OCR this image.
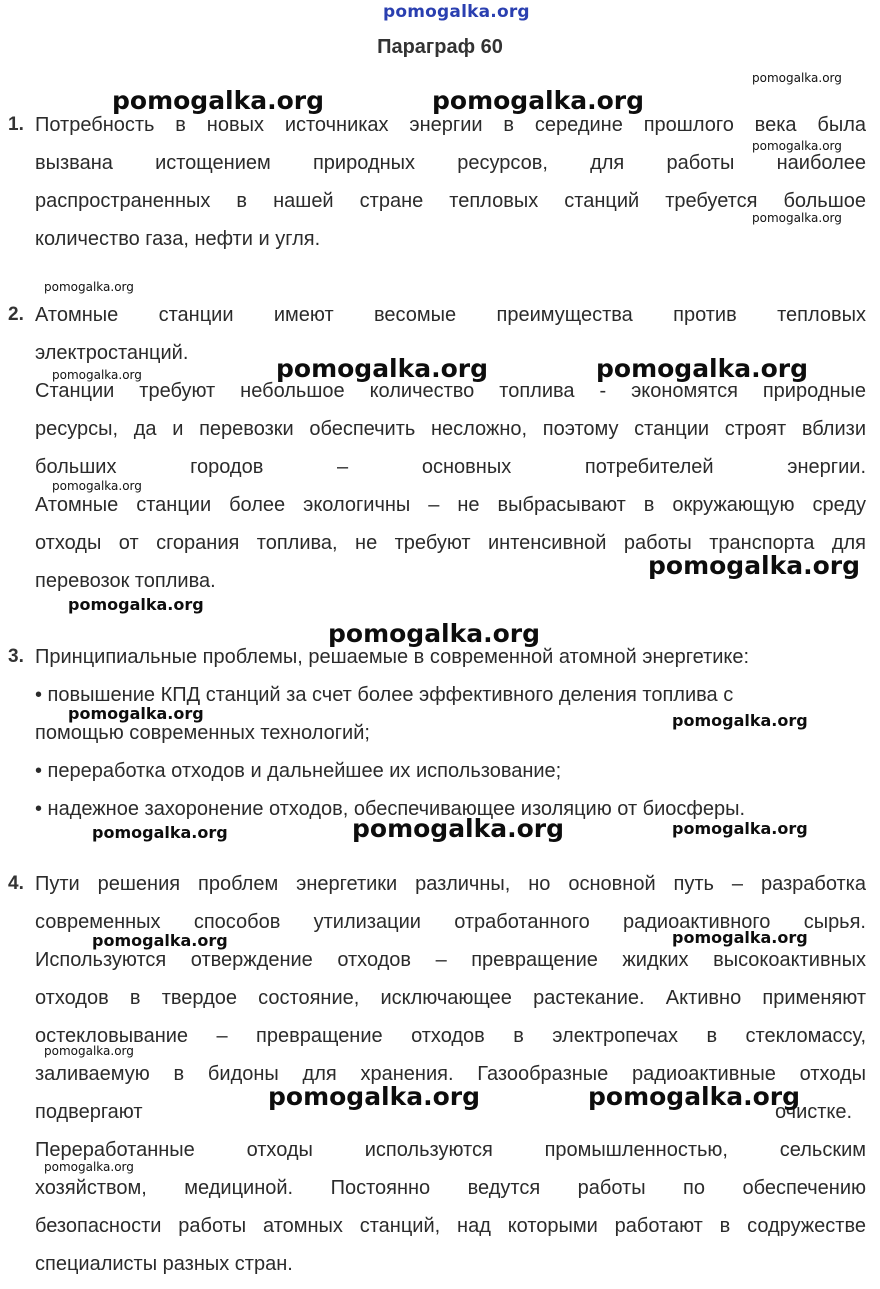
pomogalka.org
Параграф 60
1. Потребность в новых источниках энергии в середине прошлого века была
вызвана истощением природных ресурсов, для работы наиболее
распространенных в нашей стране тепловых станций требуется большое
количество газа, нефти и угля.
2. Атомные станции имеют весомые преимущества против тепловых
электростанций.
Станции требуют небольшое количество топлива - экономятся природные
ресурсы, да и перевозки обеспечить несложно, поэтому станции строят вблизи
больших городов – основных потребителей энергии.
Атомные станции более экологичны – не выбрасывают в окружающую среду
отходы от сгорания топлива, не требуют интенсивной работы транспорта для
перевозок топлива.
3. Принципиальные проблемы, решаемые в современной атомной энергетике:
• повышение КПД станций за счет более эффективного деления топлива с
помощью современных технологий;
• переработка отходов и дальнейшее их использование;
• надежное захоронение отходов, обеспечивающее изоляцию от биосферы.
4. Пути решения проблем энергетики различны, но основной путь – разработка
современных способов утилизации отработанного радиоактивного сырья.
Используются отверждение отходов – превращение жидких высокоактивных
отходов в твердое состояние, исключающее растекание. Активно применяют
остекловывание – превращение отходов в электропечах в стекломассу,
заливаемую в бидоны для хранения. Газообразные радиоактивные отходы
подвергают	очистке.
Переработанные отходы используются промышленностью, сельским
хозяйством, медициной. Постоянно ведутся работы по обеспечению
безопасности работы атомных станций, над которыми работают в содружестве
специалисты разных стран.
pomogalka.org	pomogalka.org
pomogalka.org
pomogalka.org
pomogalka.org
pomogalka.org
pomogalka.org	pomogalka.org
pomogalka.org
pomogalka.org
pomogalka.org
pomogalka.org
pomogalka.org
pomogalka.org	pomogalka.org
pomogalka.org	pomogalka.org	pomogalka.org
pomogalka.org	pomogalka.org
pomogalka.org
pomogalka.org	pomogalka.org
pomogalka.org
